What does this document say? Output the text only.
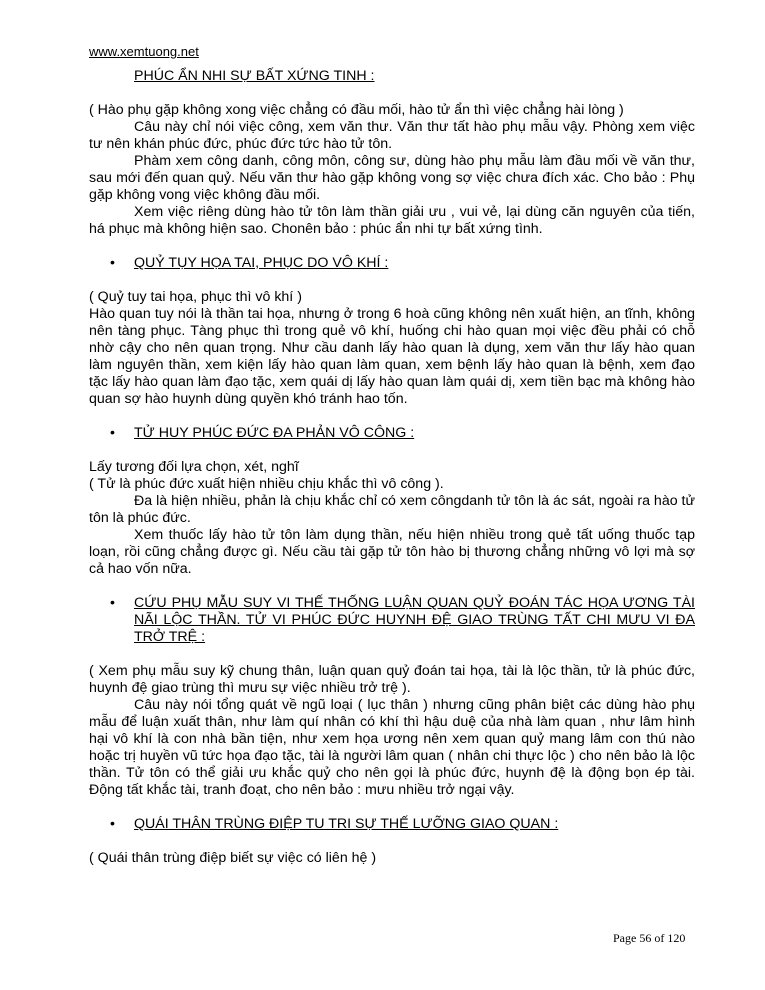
www.xemtuong.net
PHÚC ẨN NHI SỰ BẤT XỨNG TINH :

( Hào phụ gặp không xong việc chẳng có đầu mối, hào tử ẩn thì việc chẳng hài lòng )

Câu này chỉ nói việc công, xem văn thư. Văn thư tất hào phụ mẫu vậy. Phòng xem việc tư nên khán phúc đức, phúc đức tức hào tử tôn.

Phàm xem công danh, công môn, công sư, dùng hào phụ mẫu làm đầu mối về văn thư, sau mới đến quan quỷ. Nếu văn thư hào gặp không vong sợ việc chưa đích xác. Cho bảo : Phụ gặp không vong việc không đầu mối.

Xem việc riêng dùng hào tử tôn làm thần giải ưu , vui vẻ, lại dùng căn nguyên của tiến, há phục mà không hiện sao. Chonên bảo : phúc ẩn nhi tự bất xứng tình.

• QUỶ TỤY HỌA TAI, PHỤC DO VÔ KHÍ :

( Quỷ tuy tai họa, phục thì vô khí )

Hào quan tuy nói là thần tai họa, nhưng ở trong 6 hoà cũng không nên xuất hiện, an tĩnh, không nên tàng phục. Tàng phục thì trong quẻ vô khí, huống chi hào quan mọi việc đều phải có chỗ nhờ cậy cho nên quan trọng. Như cầu danh lấy hào quan là dụng, xem văn thư lấy hào quan làm nguyên thần, xem kiện lấy hào quan làm quan, xem bệnh lấy hào quan là bệnh, xem đạo tặc lấy hào quan làm đạo tặc, xem quái dị lấy hào quan làm quái dị, xem tiền bạc mà không hào quan sợ hào huynh dùng quyền khó tránh hao tốn.

• TỬ HUY PHÚC ĐỨC ĐA PHẢN VÔ CÔNG :

Lấy tương đối lựa chọn, xét, nghĩ

( Tử là phúc đức xuất hiện nhiều chịu khắc thì vô công ).

Đa là hiện nhiều, phản là chịu khắc chỉ có xem côngdanh tử tôn là ác sát, ngoài ra hào tử tôn là phúc đức.

Xem thuốc lấy hào tử tôn làm dụng thần, nếu hiện nhiều trong quẻ tất uống thuốc tạp loạn, rồi cũng chẳng được gì. Nếu cầu tài gặp tử tôn hào bị thương chẳng những vô lợi mà sợ cả hao vốn nữa.

• CỨU PHỤ MẪU SUY VI THẾ THỐNG LUẬN QUAN QUỶ ĐOÁN TÁC HỌA ƯƠNG TÀI NÃI LỘC THẦN. TỬ VI PHÚC ĐỨC HUYNH ĐỆ GIAO TRÙNG TẤT CHI MƯU VI ĐA TRỞ TRỆ :

( Xem phụ mẫu suy kỹ chung thân, luận quan quỷ đoán tai họa, tài là lộc thần, tử là phúc đức, huynh đệ giao trùng thì mưu sự việc nhiều trở trệ ).

Câu này nói tổng quát về ngũ loại ( lục thân ) nhưng cũng phân biệt các dùng hào phụ mẫu để luận xuất thân, như làm quí nhân có khí thì hậu duệ của nhà làm quan , như lâm hình hại vô khí là con nhà bần tiện, như xem họa ương nên xem quan quỷ mang lâm con thú nào hoặc trị huyền vũ tức họa đạo tặc, tài là người lâm quan ( nhân chi thực lộc ) cho nên bảo là lộc thần. Tử tôn có thể giải ưu khắc quỷ cho nên gọi là phúc đức, huynh đệ là động bọn ép tài. Động tất khắc tài, tranh đoạt, cho nên bảo : mưu nhiều trở ngại vậy.

• QUÁI THÂN TRÙNG ĐIỆP TU TRI SỰ THẾ LƯỠNG GIAO QUAN :

( Quái thân trùng điệp biết sự việc có liên hệ )

Page 56 of 120
